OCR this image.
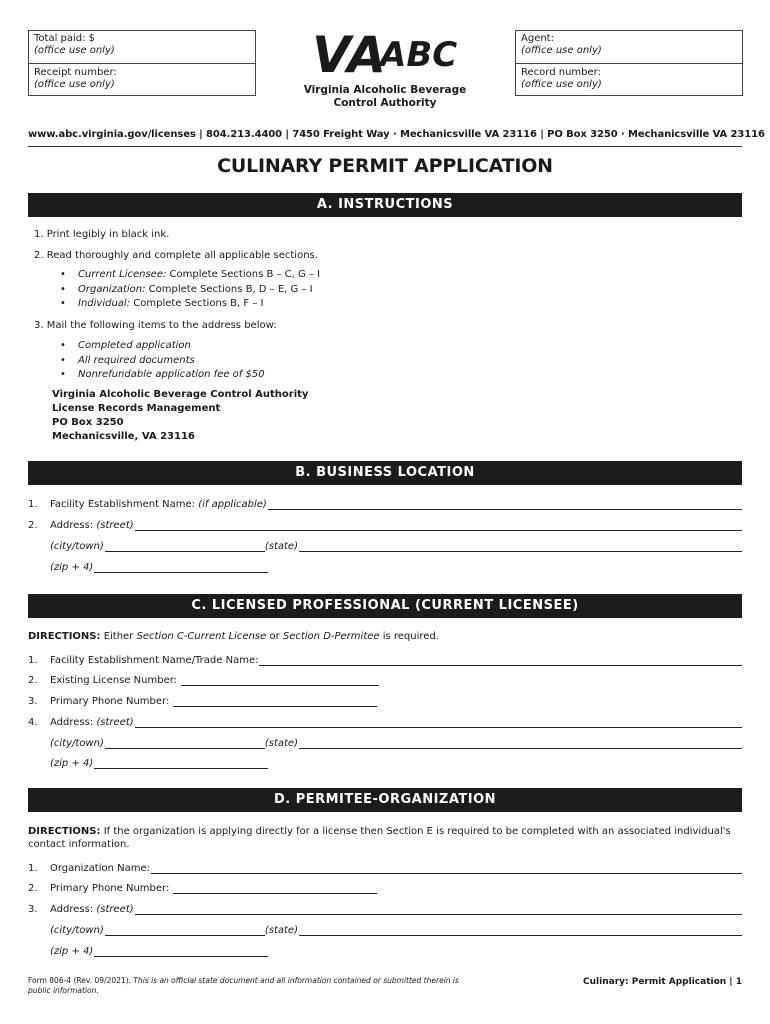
Total paid: $
(office use only)
Receipt number:
(office use only)
Agent:
(office use only)
Record number:
(office use only)
VA
ABC
Virginia Alcoholic Beverage
Control Authority
www.abc.virginia.gov/licenses | 804.213.4400 | 7450 Freight Way · Mechanicsville VA 23116 | PO Box 3250 · Mechanicsville VA 23116
CULINARY PERMIT APPLICATION
A. INSTRUCTIONS
1. Print legibly in black ink.
2. Read thoroughly and complete all applicable sections.
• Current Licensee: Complete Sections B – C, G – I
• Organization: Complete Sections B, D – E, G – I
• Individual: Complete Sections B, F – I
3. Mail the following items to the address below:
• Completed application
• All required documents
• Nonrefundable application fee of $50
Virginia Alcoholic Beverage Control Authority
License Records Management
PO Box 3250
Mechanicsville, VA 23116
B. BUSINESS LOCATION
1.	Facility Establishment Name:
(if applicable)
2.	Address:
(street)
(city/town)	(state)
(zip + 4)
C. LICENSED PROFESSIONAL (CURRENT LICENSEE)
DIRECTIONS: Either Section C-Current License or Section D-Permitee is required.
1.	Facility Establishment Name/Trade Name:
2.	Existing License Number:
3.	Primary Phone Number:
4.	Address:
(street)
(city/town)	(state)
(zip + 4)
D. PERMITEE-ORGANIZATION
DIRECTIONS: If the organization is applying directly for a license then Section E is required to be completed with an associated individual's contact information.
1.	Organization Name:
2.	Primary Phone Number:
3.	Address:
(street)
(city/town)	(state)
(zip + 4)
Form 806-4 (Rev. 09/2021). This is an official state document and all information contained or submitted therein is public information.
Culinary: Permit Application | 1
